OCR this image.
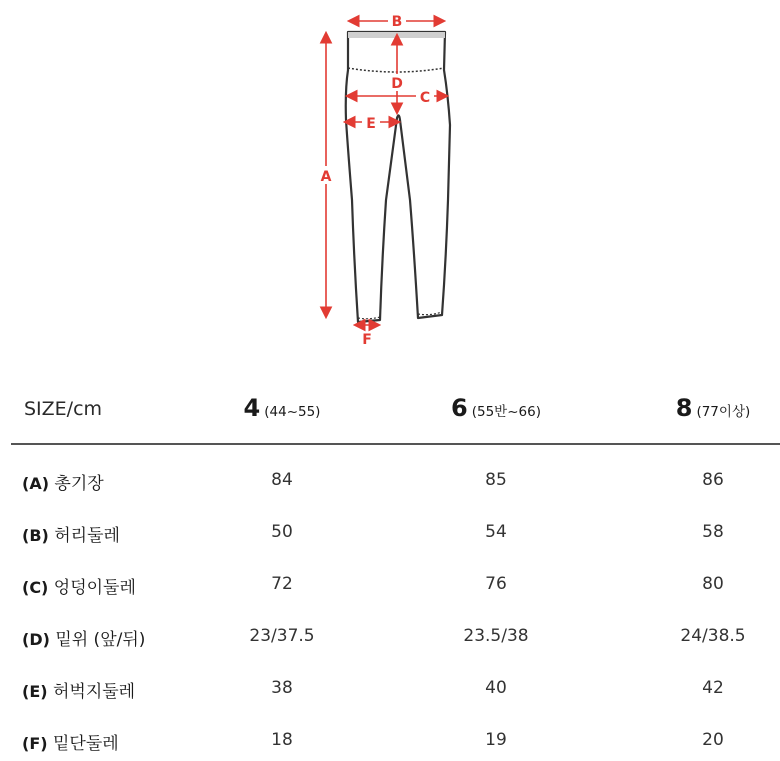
A
B
C
D
E
F
SIZE/cm	4 (44~55)	6 (55반~66)	8 (77이상)
(A) 총기장	84	85	86
(B) 허리둘레	50	54	58
(C) 엉덩이둘레	72	76	80
(D) 밑위 (앞/뒤)	23/37.5	23.5/38	24/38.5
(E) 허벅지둘레	38	40	42
(F) 밑단둘레	18	19	20
